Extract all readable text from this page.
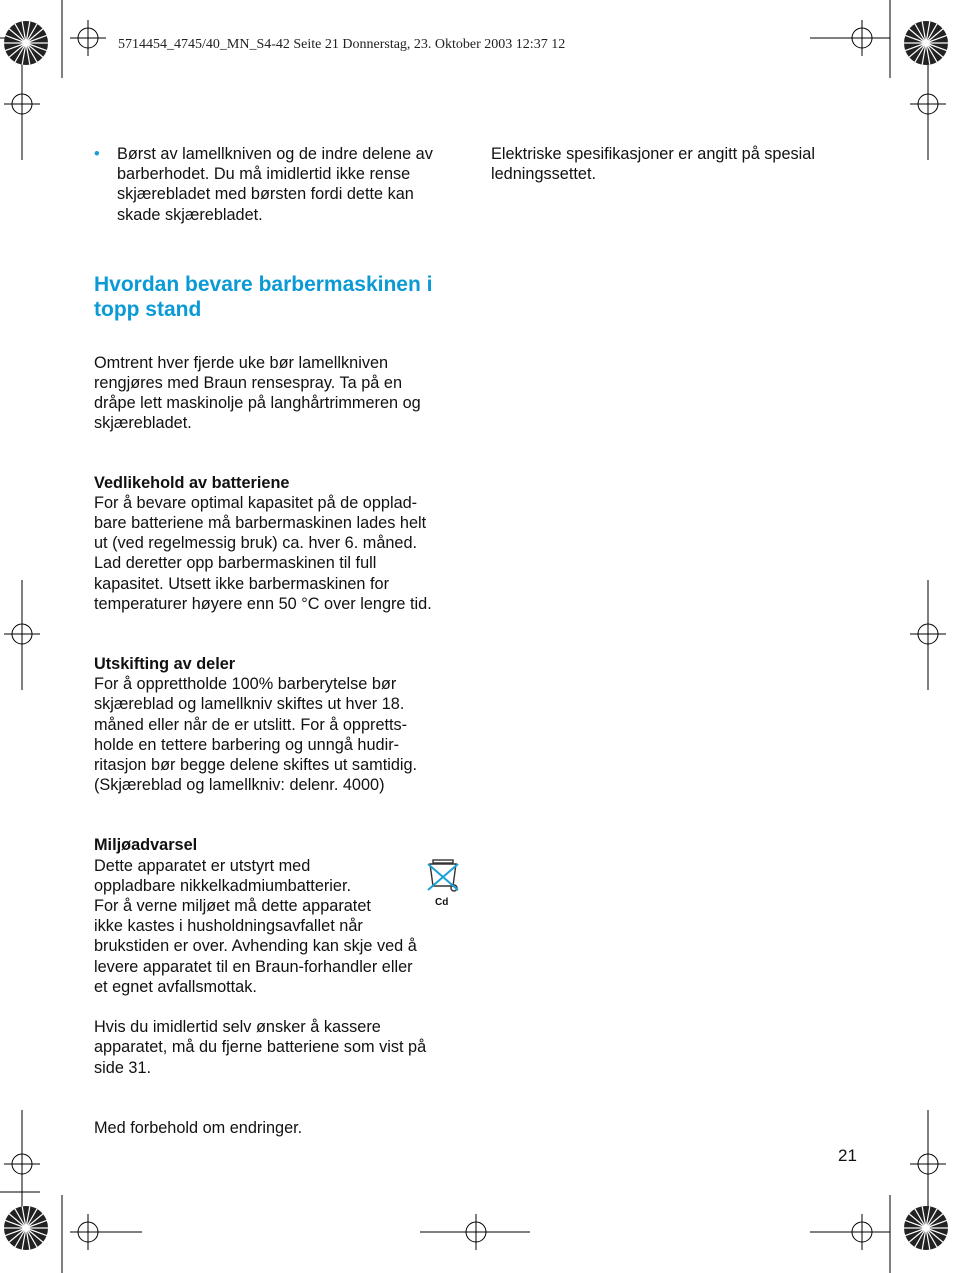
5714454_4745/40_MN_S4-42 Seite 21 Donnerstag, 23. Oktober 2003 12:37 12
• Børst av lamellkniven og de indre delene av
barberhodet. Du må imidlertid ikke rense
skjærebladet med børsten fordi dette kan
skade skjærebladet.

Hvordan bevare barbermaskinen i
topp stand

Omtrent hver fjerde uke bør lamellkniven
rengjøres med Braun rensespray. Ta på en
dråpe lett maskinolje på langhårtrimmeren og
skjærebladet.

Vedlikehold av batteriene

For å bevare optimal kapasitet på de opplad-
bare batteriene må barbermaskinen lades helt
ut (ved regelmessig bruk) ca. hver 6. måned.
Lad deretter opp barbermaskinen til full
kapasitet. Utsett ikke barbermaskinen for
temperaturer høyere enn 50 °C over lengre tid.

Utskifting av deler

For å opprettholde 100% barberytelse bør
skjæreblad og lamellkniv skiftes ut hver 18.
måned eller når de er utslitt. For å oppretts-
holde en tettere barbering og unngå hudir-
ritasjon bør begge delene skiftes ut samtidig.
(Skjæreblad og lamellkniv: delenr. 4000)

Miljøadvarsel

Dette apparatet er utstyrt med
oppladbare nikkelkadmiumbatterier.
For å verne miljøet må dette apparatet
ikke kastes i husholdningsavfallet når
brukstiden er over. Avhending kan skje ved å
levere apparatet til en Braun-forhandler eller
et egnet avfallsmottak.

Cd

Hvis du imidlertid selv ønsker å kassere
apparatet, må du fjerne batteriene som vist på
side 31.

Med forbehold om endringer.

Elektriske spesifikasjoner er angitt på spesial
ledningssettet.

21
